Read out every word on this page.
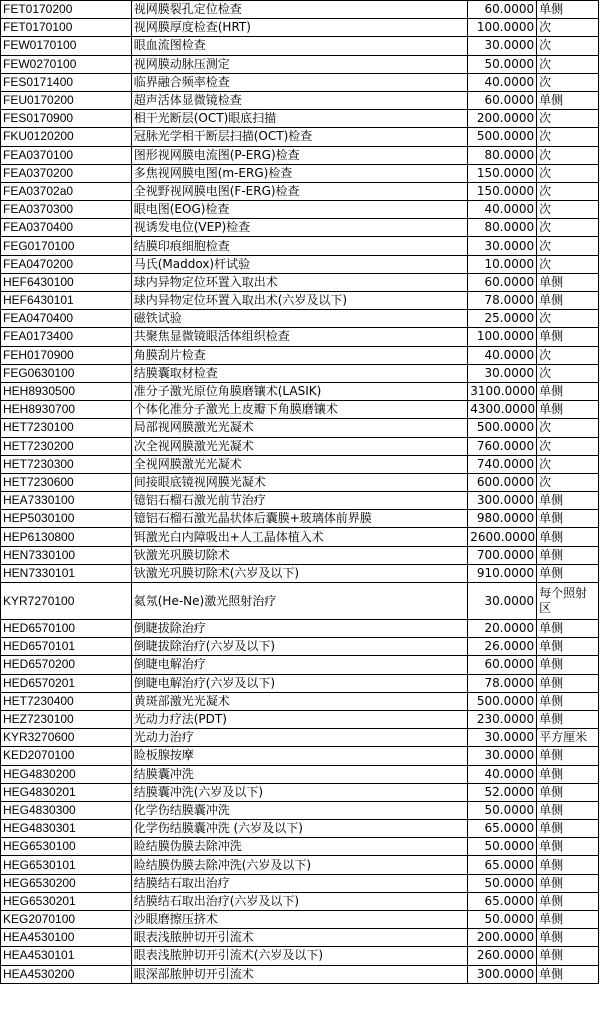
FET0170200	视网膜裂孔定位检查	60.0000	单侧
FET0170100	视网膜厚度检查(HRT)	100.0000	次
FEW0170100	眼血流图检查	30.0000	次
FEW0270100	视网膜动脉压测定	50.0000	次
FES0171400	临界融合频率检查	40.0000	次
FEU0170200	超声活体显微镜检查	60.0000	单侧
FES0170900	相干光断层(OCT)眼底扫描	200.0000	次
FKU0120200	冠脉光学相干断层扫描(OCT)检查	500.0000	次
FEA0370100	图形视网膜电流图(P-ERG)检查	80.0000	次
FEA0370200	多焦视网膜电图(m-ERG)检查	150.0000	次
FEA03702a0	全视野视网膜电图(F-ERG)检查	150.0000	次
FEA0370300	眼电图(EOG)检查	40.0000	次
FEA0370400	视诱发电位(VEP)检查	80.0000	次
FEG0170100	结膜印痕细胞检查	30.0000	次
FEA0470200	马氏(Maddox)杆试验	10.0000	次
HEF6430100	球内异物定位环置入取出术	60.0000	单侧
HEF6430101	球内异物定位环置入取出术(六岁及以下)	78.0000	单侧
FEA0470400	磁铁试验	25.0000	次
FEA0173400	共聚焦显微镜眼活体组织检查	100.0000	单侧
FEH0170900	角膜刮片检查	40.0000	次
FEG0630100	结膜囊取材检查	30.0000	次
HEH8930500	准分子激光原位角膜磨镶术(LASIK)	3100.0000	单侧
HEH8930700	个体化准分子激光上皮瓣下角膜磨镶术	4300.0000	单侧
HET7230100	局部视网膜激光光凝术	500.0000	次
HET7230200	次全视网膜激光光凝术	760.0000	次
HET7230300	全视网膜激光光凝术	740.0000	次
HET7230600	间接眼底镜视网膜光凝术	600.0000	次
HEA7330100	镱铝石榴石激光前节治疗	300.0000	单侧
HEP5030100	镱铝石榴石激光晶状体后囊膜+玻璃体前界膜	980.0000	单侧
HEP6130800	铒激光白内障吸出+人工晶体植入术	2600.0000	单侧
HEN7330100	钬激光巩膜切除术	700.0000	单侧
HEN7330101	钬激光巩膜切除术(六岁及以下)	910.0000	单侧
KYR7270100	氦氖(He-Ne)激光照射治疗	30.0000	每个照射区
HED6570100	倒睫拔除治疗	20.0000	单侧
HED6570101	倒睫拔除治疗(六岁及以下)	26.0000	单侧
HED6570200	倒睫电解治疗	60.0000	单侧
HED6570201	倒睫电解治疗(六岁及以下)	78.0000	单侧
HET7230400	黄斑部激光光凝术	500.0000	单侧
HEZ7230100	光动力疗法(PDT)	230.0000	单侧
KYR3270600	光动力治疗	30.0000	平方厘米
KED2070100	睑板腺按摩	30.0000	单侧
HEG4830200	结膜囊冲洗	40.0000	单侧
HEG4830201	结膜囊冲洗(六岁及以下)	52.0000	单侧
HEG4830300	化学伤结膜囊冲洗	50.0000	单侧
HEG4830301	化学伤结膜囊冲洗 (六岁及以下)	65.0000	单侧
HEG6530100	睑结膜伪膜去除冲洗	50.0000	单侧
HEG6530101	睑结膜伪膜去除冲洗(六岁及以下)	65.0000	单侧
HEG6530200	结膜结石取出治疗	50.0000	单侧
HEG6530201	结膜结石取出治疗(六岁及以下)	65.0000	单侧
KEG2070100	沙眼磨擦压挤术	50.0000	单侧
HEA4530100	眼表浅脓肿切开引流术	200.0000	单侧
HEA4530101	眼表浅脓肿切开引流术(六岁及以下)	260.0000	单侧
HEA4530200	眼深部脓肿切开引流术	300.0000	单侧
